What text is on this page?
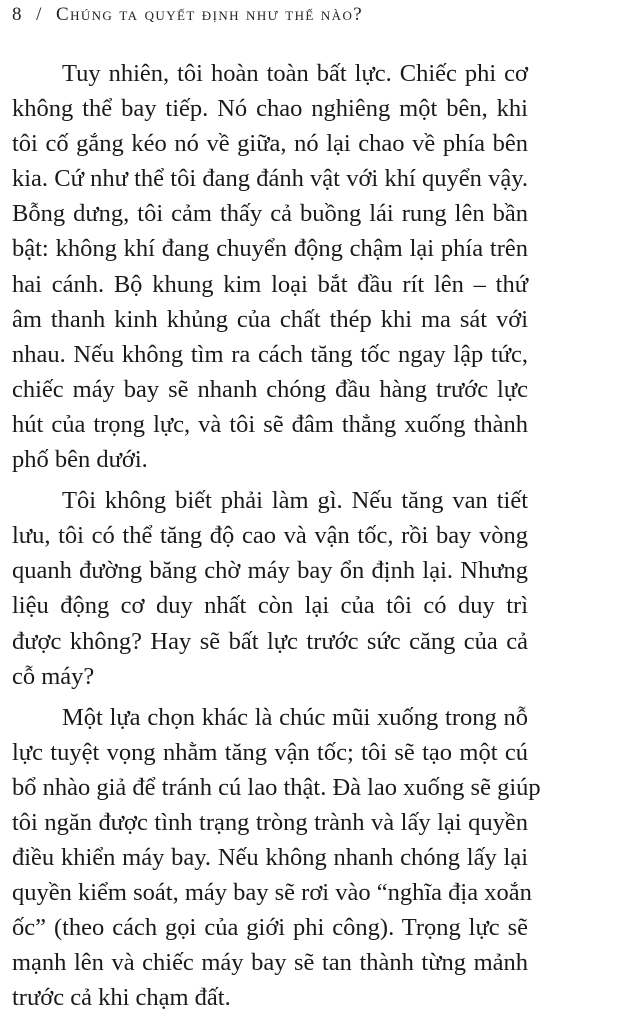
8 / Chúng ta quyết định như thế nào?

Tuy nhiên, tôi hoàn toàn bất lực. Chiếc phi cơ
không thể bay tiếp. Nó chao nghiêng một bên, khi
tôi cố gắng kéo nó về giữa, nó lại chao về phía bên
kia. Cứ như thể tôi đang đánh vật với khí quyển vậy.
Bỗng dưng, tôi cảm thấy cả buồng lái rung lên bần
bật: không khí đang chuyển động chậm lại phía trên
hai cánh. Bộ khung kim loại bắt đầu rít lên – thứ
âm thanh kinh khủng của chất thép khi ma sát với
nhau. Nếu không tìm ra cách tăng tốc ngay lập tức,
chiếc máy bay sẽ nhanh chóng đầu hàng trước lực
hút của trọng lực, và tôi sẽ đâm thẳng xuống thành
phố bên dưới.

Tôi không biết phải làm gì. Nếu tăng van tiết
lưu, tôi có thể tăng độ cao và vận tốc, rồi bay vòng
quanh đường băng chờ máy bay ổn định lại. Nhưng
liệu động cơ duy nhất còn lại của tôi có duy trì
được không? Hay sẽ bất lực trước sức căng của cả
cỗ máy?

Một lựa chọn khác là chúc mũi xuống trong nỗ
lực tuyệt vọng nhằm tăng vận tốc; tôi sẽ tạo một cú
bổ nhào giả để tránh cú lao thật. Đà lao xuống sẽ giúp
tôi ngăn được tình trạng tròng trành và lấy lại quyền
điều khiển máy bay. Nếu không nhanh chóng lấy lại
quyền kiểm soát, máy bay sẽ rơi vào “nghĩa địa xoắn
ốc” (theo cách gọi của giới phi công). Trọng lực sẽ
mạnh lên và chiếc máy bay sẽ tan thành từng mảnh
trước cả khi chạm đất.
